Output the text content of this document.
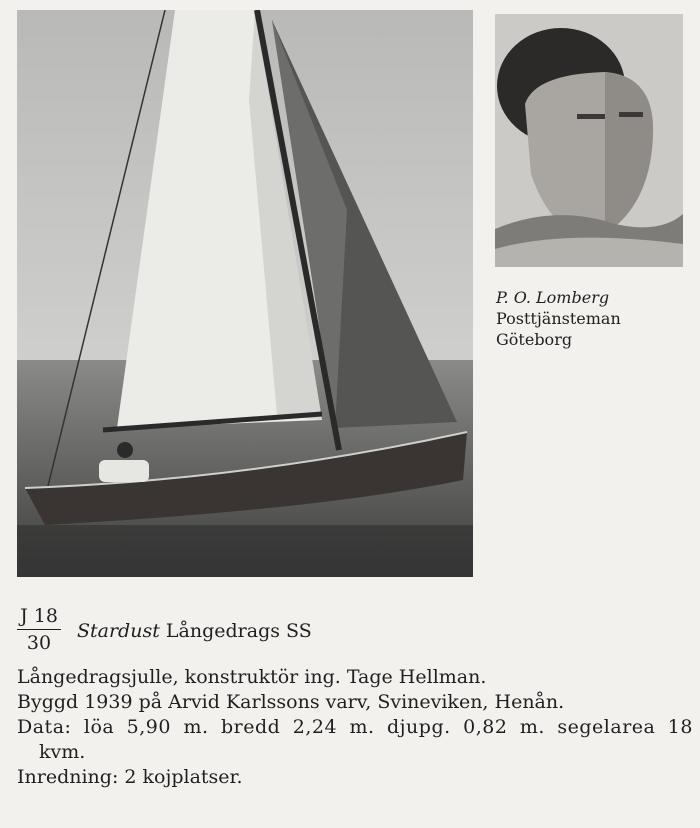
P. O. Lomberg
Posttjänsteman
Göteborg
J 18
30
Stardust Långedrags SS

Långedragsjulle, konstruktör ing. Tage Hellman.

Byggd 1939 på Arvid Karlssons varv, Svineviken, Henån.

Data: löa 5,90 m. bredd 2,24 m. djupg. 0,82 m. segelarea 18

kvm.

Inredning: 2 kojplatser.
